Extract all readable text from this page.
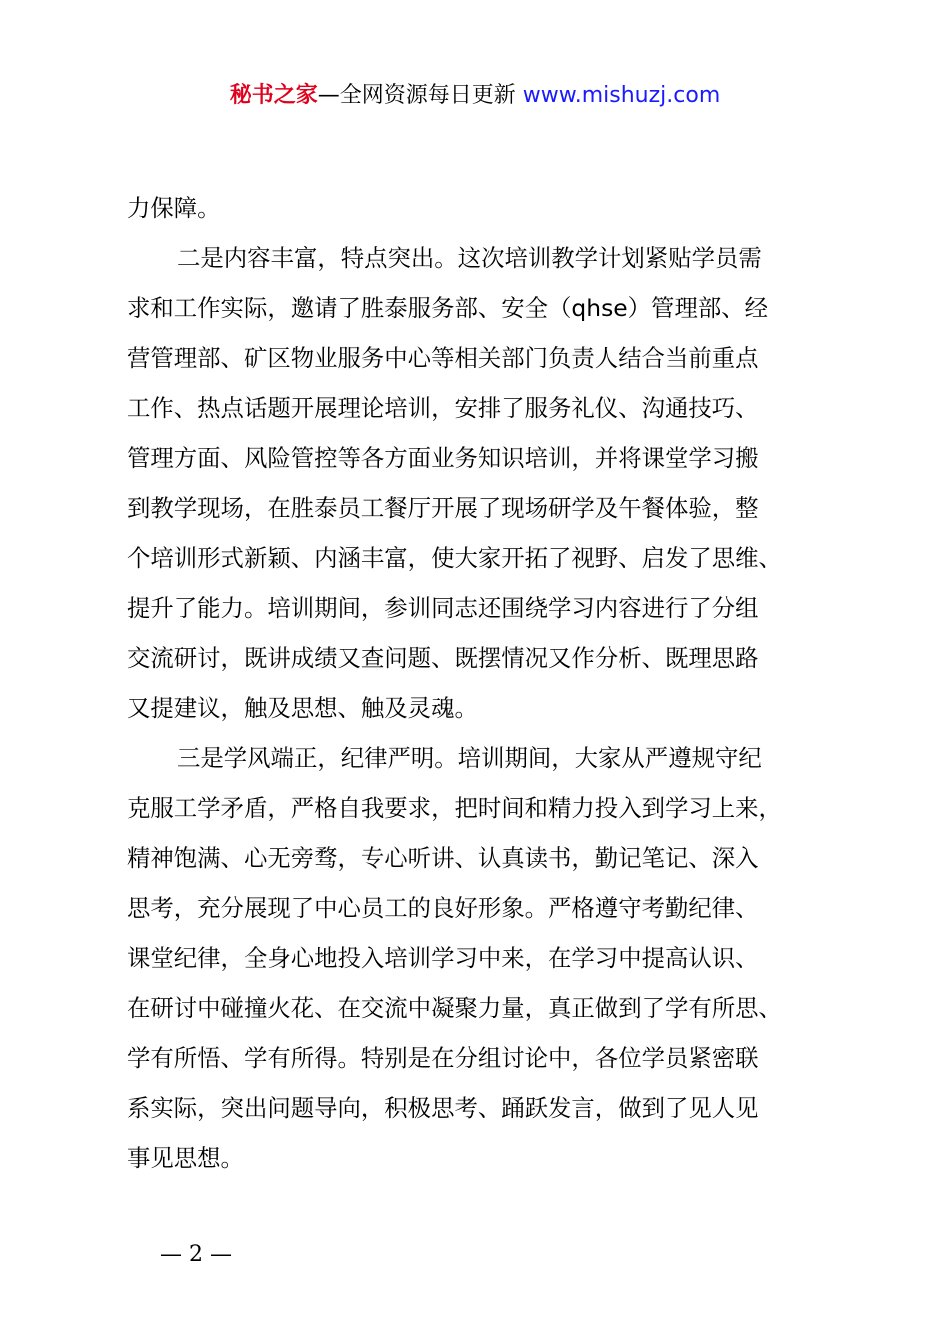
秘书之家—全网资源每日更新 www.mishuzj.com
力保障。
二是内容丰富，特点突出。这次培训教学计划紧贴学员需
求和工作实际，邀请了胜泰服务部、安全（qhse）管理部、经
营管理部、矿区物业服务中心等相关部门负责人结合当前重点
工作、热点话题开展理论培训，安排了服务礼仪、沟通技巧、
管理方面、风险管控等各方面业务知识培训，并将课堂学习搬
到教学现场，在胜泰员工餐厅开展了现场研学及午餐体验，整
个培训形式新颖、内涵丰富，使大家开拓了视野、启发了思维、
提升了能力。培训期间，参训同志还围绕学习内容进行了分组
交流研讨，既讲成绩又查问题、既摆情况又作分析、既理思路
又提建议，触及思想、触及灵魂。
三是学风端正，纪律严明。培训期间，大家从严遵规守纪
克服工学矛盾，严格自我要求，把时间和精力投入到学习上来，
精神饱满、心无旁骛，专心听讲、认真读书，勤记笔记、深入
思考，充分展现了中心员工的良好形象。严格遵守考勤纪律、
课堂纪律，全身心地投入培训学习中来，在学习中提高认识、
在研讨中碰撞火花、在交流中凝聚力量，真正做到了学有所思、
学有所悟、学有所得。特别是在分组讨论中，各位学员紧密联
系实际，突出问题导向，积极思考、踊跃发言，做到了见人见
事见思想。
— 2 —
